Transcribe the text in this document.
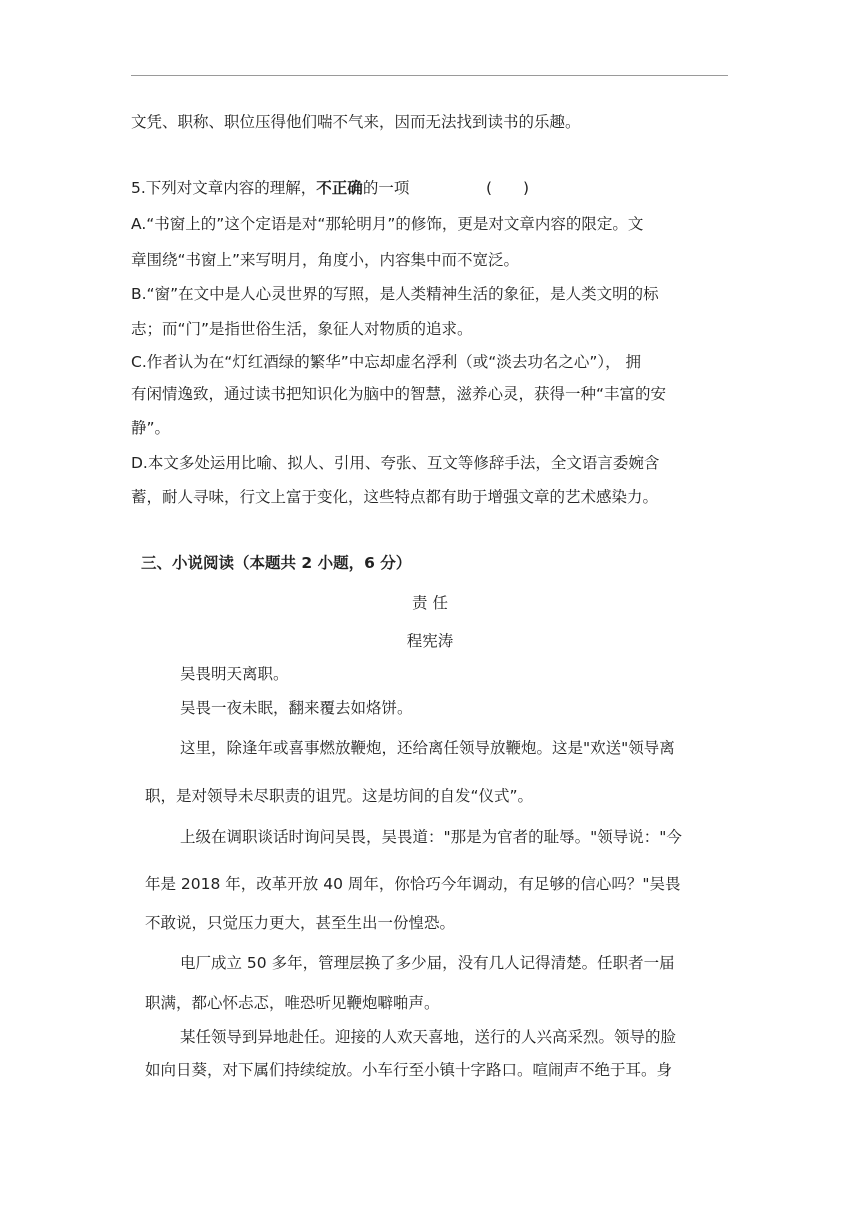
文凭、职称、职位压得他们喘不气来，因而无法找到读书的乐趣。
5.下列对文章内容的理解，不正确的一项	(　　)
A.“书窗上的”这个定语是对“那轮明月”的修饰，更是对文章内容的限定。文
章围绕“书窗上”来写明月，角度小，内容集中而不宽泛。
B.“窗”在文中是人心灵世界的写照，是人类精神生活的象征，是人类文明的标
志；而“门”是指世俗生活，象征人对物质的追求。
C.作者认为在“灯红酒绿的繁华”中忘却虚名浮利（或“淡去功名之心”）， 拥
有闲情逸致，通过读书把知识化为脑中的智慧，滋养心灵，获得一种“丰富的安
静”。
D.本文多处运用比喻、拟人、引用、夸张、互文等修辞手法，全文语言委婉含
蓄，耐人寻味，行文上富于变化，这些特点都有助于增强文章的艺术感染力。
三、小说阅读（本题共 2 小题，6 分）
责 任
程宪涛
吴畏明天离职。
吴畏一夜未眠，翻来覆去如烙饼。
这里，除逢年或喜事燃放鞭炮，还给离任领导放鞭炮。这是"欢送"领导离
职，是对领导未尽职责的诅咒。这是坊间的自发“仪式”。
上级在调职谈话时询问吴畏，吴畏道："那是为官者的耻辱。"领导说："今
年是 2018 年，改革开放 40 周年，你恰巧今年调动，有足够的信心吗？"吴畏
不敢说，只觉压力更大，甚至生出一份惶恐。
电厂成立 50 多年，管理层换了多少届，没有几人记得清楚。任职者一届
职满，都心怀忐忑，唯恐听见鞭炮噼啪声。
某任领导到异地赴任。迎接的人欢天喜地，送行的人兴高采烈。领导的脸
如向日葵，对下属们持续绽放。小车行至小镇十字路口。喧闹声不绝于耳。身
